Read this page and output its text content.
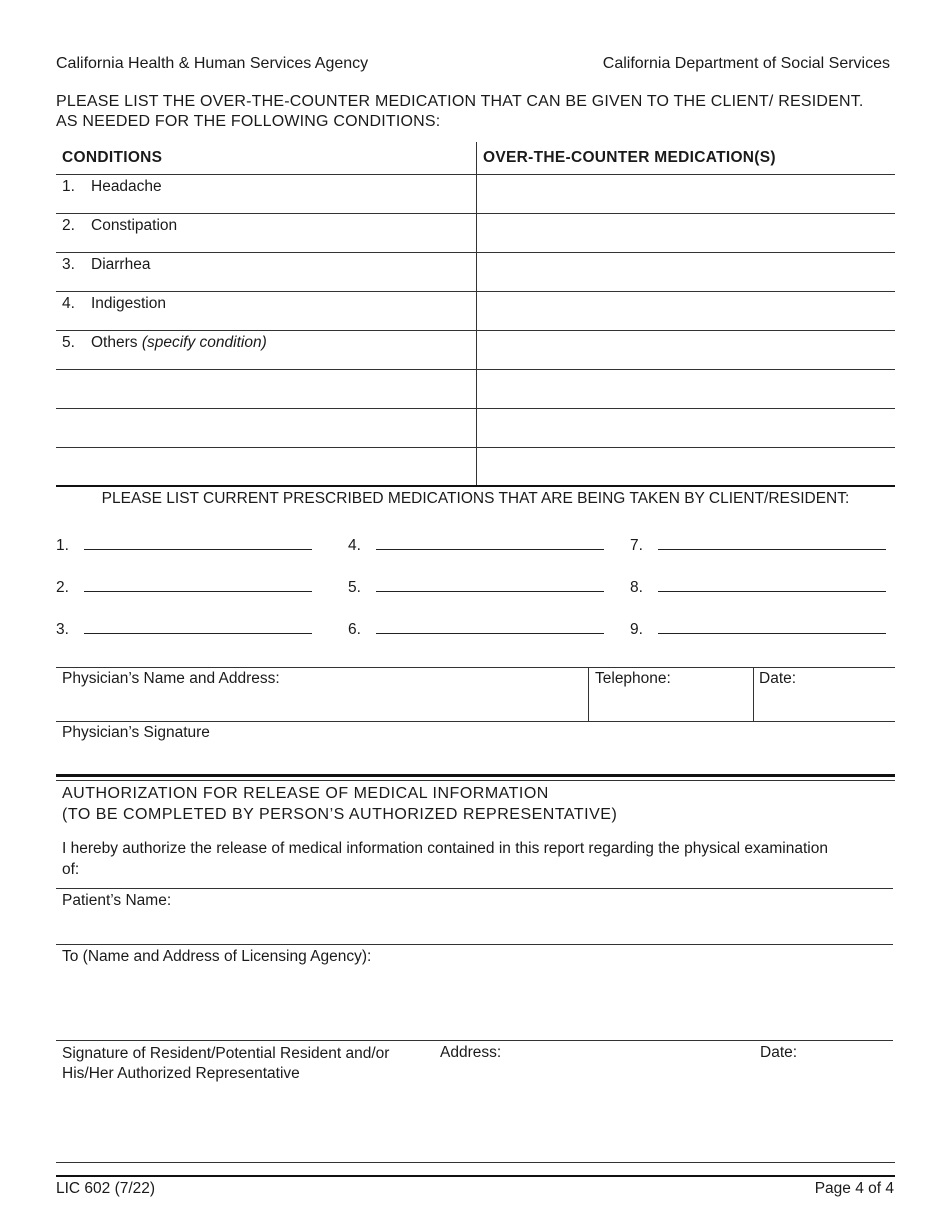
California Health & Human Services Agency	California Department of Social Services
PLEASE LIST THE OVER-THE-COUNTER MEDICATION THAT CAN BE GIVEN TO THE CLIENT/ RESIDENT. AS NEEDED FOR THE FOLLOWING CONDITIONS:
CONDITIONS	OVER-THE-COUNTER MEDICATION(S)
1. Headache
2. Constipation
3. Diarrhea
4. Indigestion
5. Others (specify condition)
PLEASE LIST CURRENT PRESCRIBED MEDICATIONS THAT ARE BEING TAKEN BY CLIENT/RESIDENT:
1.
2.
3.
4.
5.
6.
7.
8.
9.
Physician’s Name and Address:	Telephone:	Date:
Physician’s Signature
AUTHORIZATION FOR RELEASE OF MEDICAL INFORMATION
(TO BE COMPLETED BY PERSON’S AUTHORIZED REPRESENTATIVE)
I hereby authorize the release of medical information contained in this report regarding the physical examination of:
Patient’s Name:
To (Name and Address of Licensing Agency):
Signature of Resident/Potential Resident and/or
His/Her Authorized Representative
Address:	Date:
LIC 602 (7/22)	Page 4 of 4
